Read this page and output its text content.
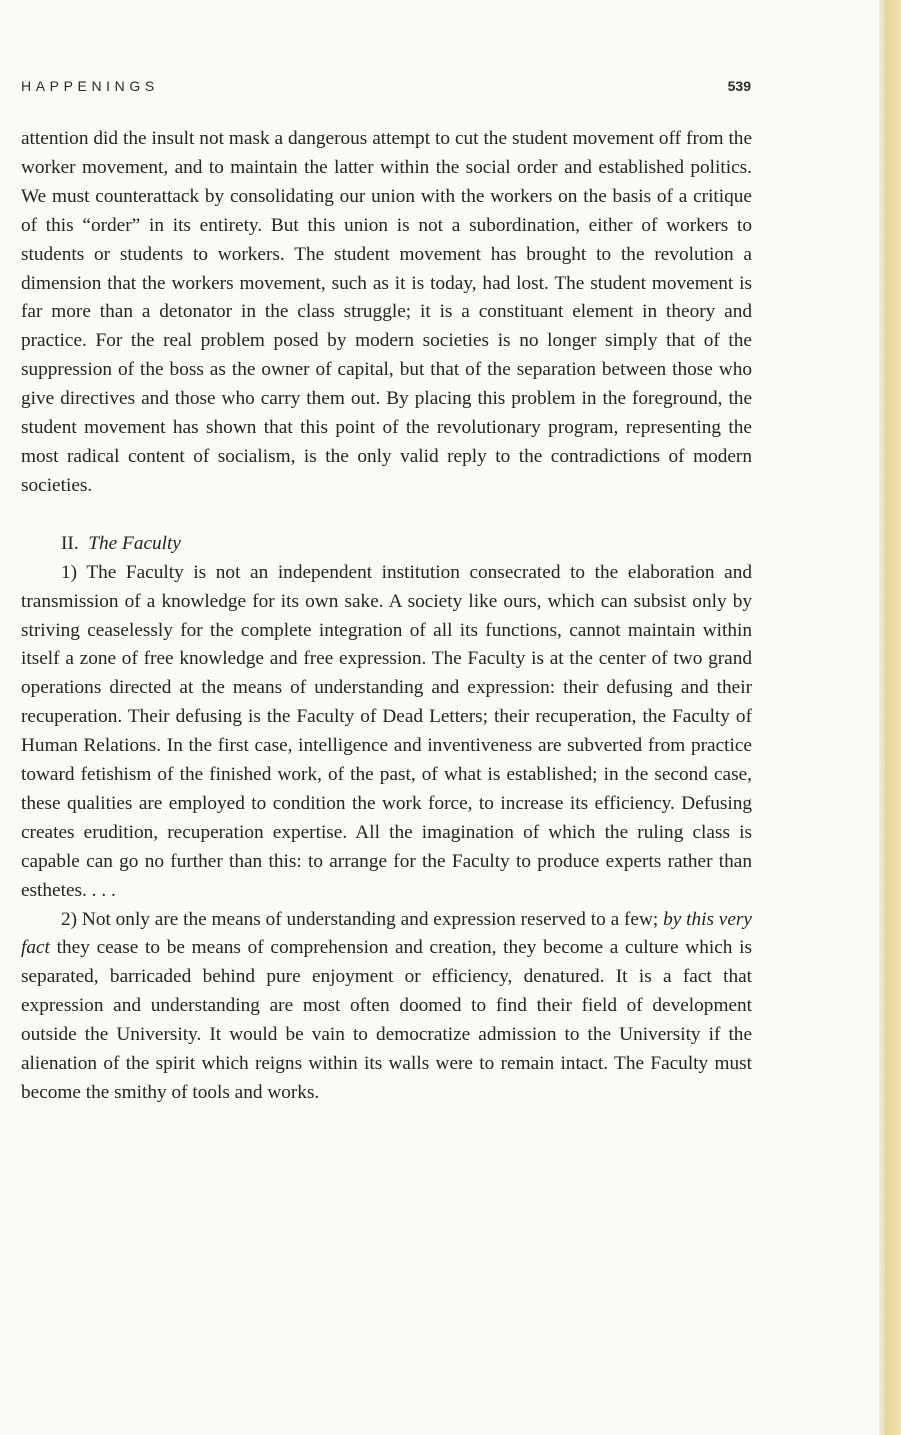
HAPPENINGS	539

attention did the insult not mask a dangerous attempt to cut the student movement off from the worker movement, and to maintain the latter within the social order and established politics. We must counterattack by consolidating our union with the workers on the basis of a critique of this “order” in its entirety. But this union is not a subordination, either of workers to students or students to workers. The student movement has brought to the revolution a dimension that the workers movement, such as it is today, had lost. The student movement is far more than a detonator in the class struggle; it is a constituant element in theory and practice. For the real problem posed by modern societies is no longer simply that of the suppression of the boss as the owner of capital, but that of the separation between those who give directives and those who carry them out. By placing this problem in the foreground, the student movement has shown that this point of the revolutionary program, representing the most radical content of socialism, is the only valid reply to the contradictions of modern societies.

II. The Faculty

1) The Faculty is not an independent institution consecrated to the elaboration and transmission of a knowledge for its own sake. A society like ours, which can subsist only by striving ceaselessly for the complete integration of all its functions, cannot maintain within itself a zone of free knowledge and free expression. The Faculty is at the center of two grand operations directed at the means of understanding and expression: their defusing and their recuperation. Their defusing is the Faculty of Dead Letters; their recuperation, the Faculty of Human Relations. In the first case, intelligence and inventiveness are subverted from practice toward fetishism of the finished work, of the past, of what is established; in the second case, these qualities are employed to condition the work force, to increase its efficiency. Defusing creates erudition, recuperation expertise. All the imagination of which the ruling class is capable can go no further than this: to arrange for the Faculty to produce experts rather than esthetes. . . .

2) Not only are the means of understanding and expression reserved to a few; by this very fact they cease to be means of comprehension and creation, they become a culture which is separated, barricaded behind pure enjoyment or efficiency, denatured. It is a fact that expression and understanding are most often doomed to find their field of development outside the University. It would be vain to democratize admission to the University if the alienation of the spirit which reigns within its walls were to remain intact. The Faculty must become the smithy of tools and works.
